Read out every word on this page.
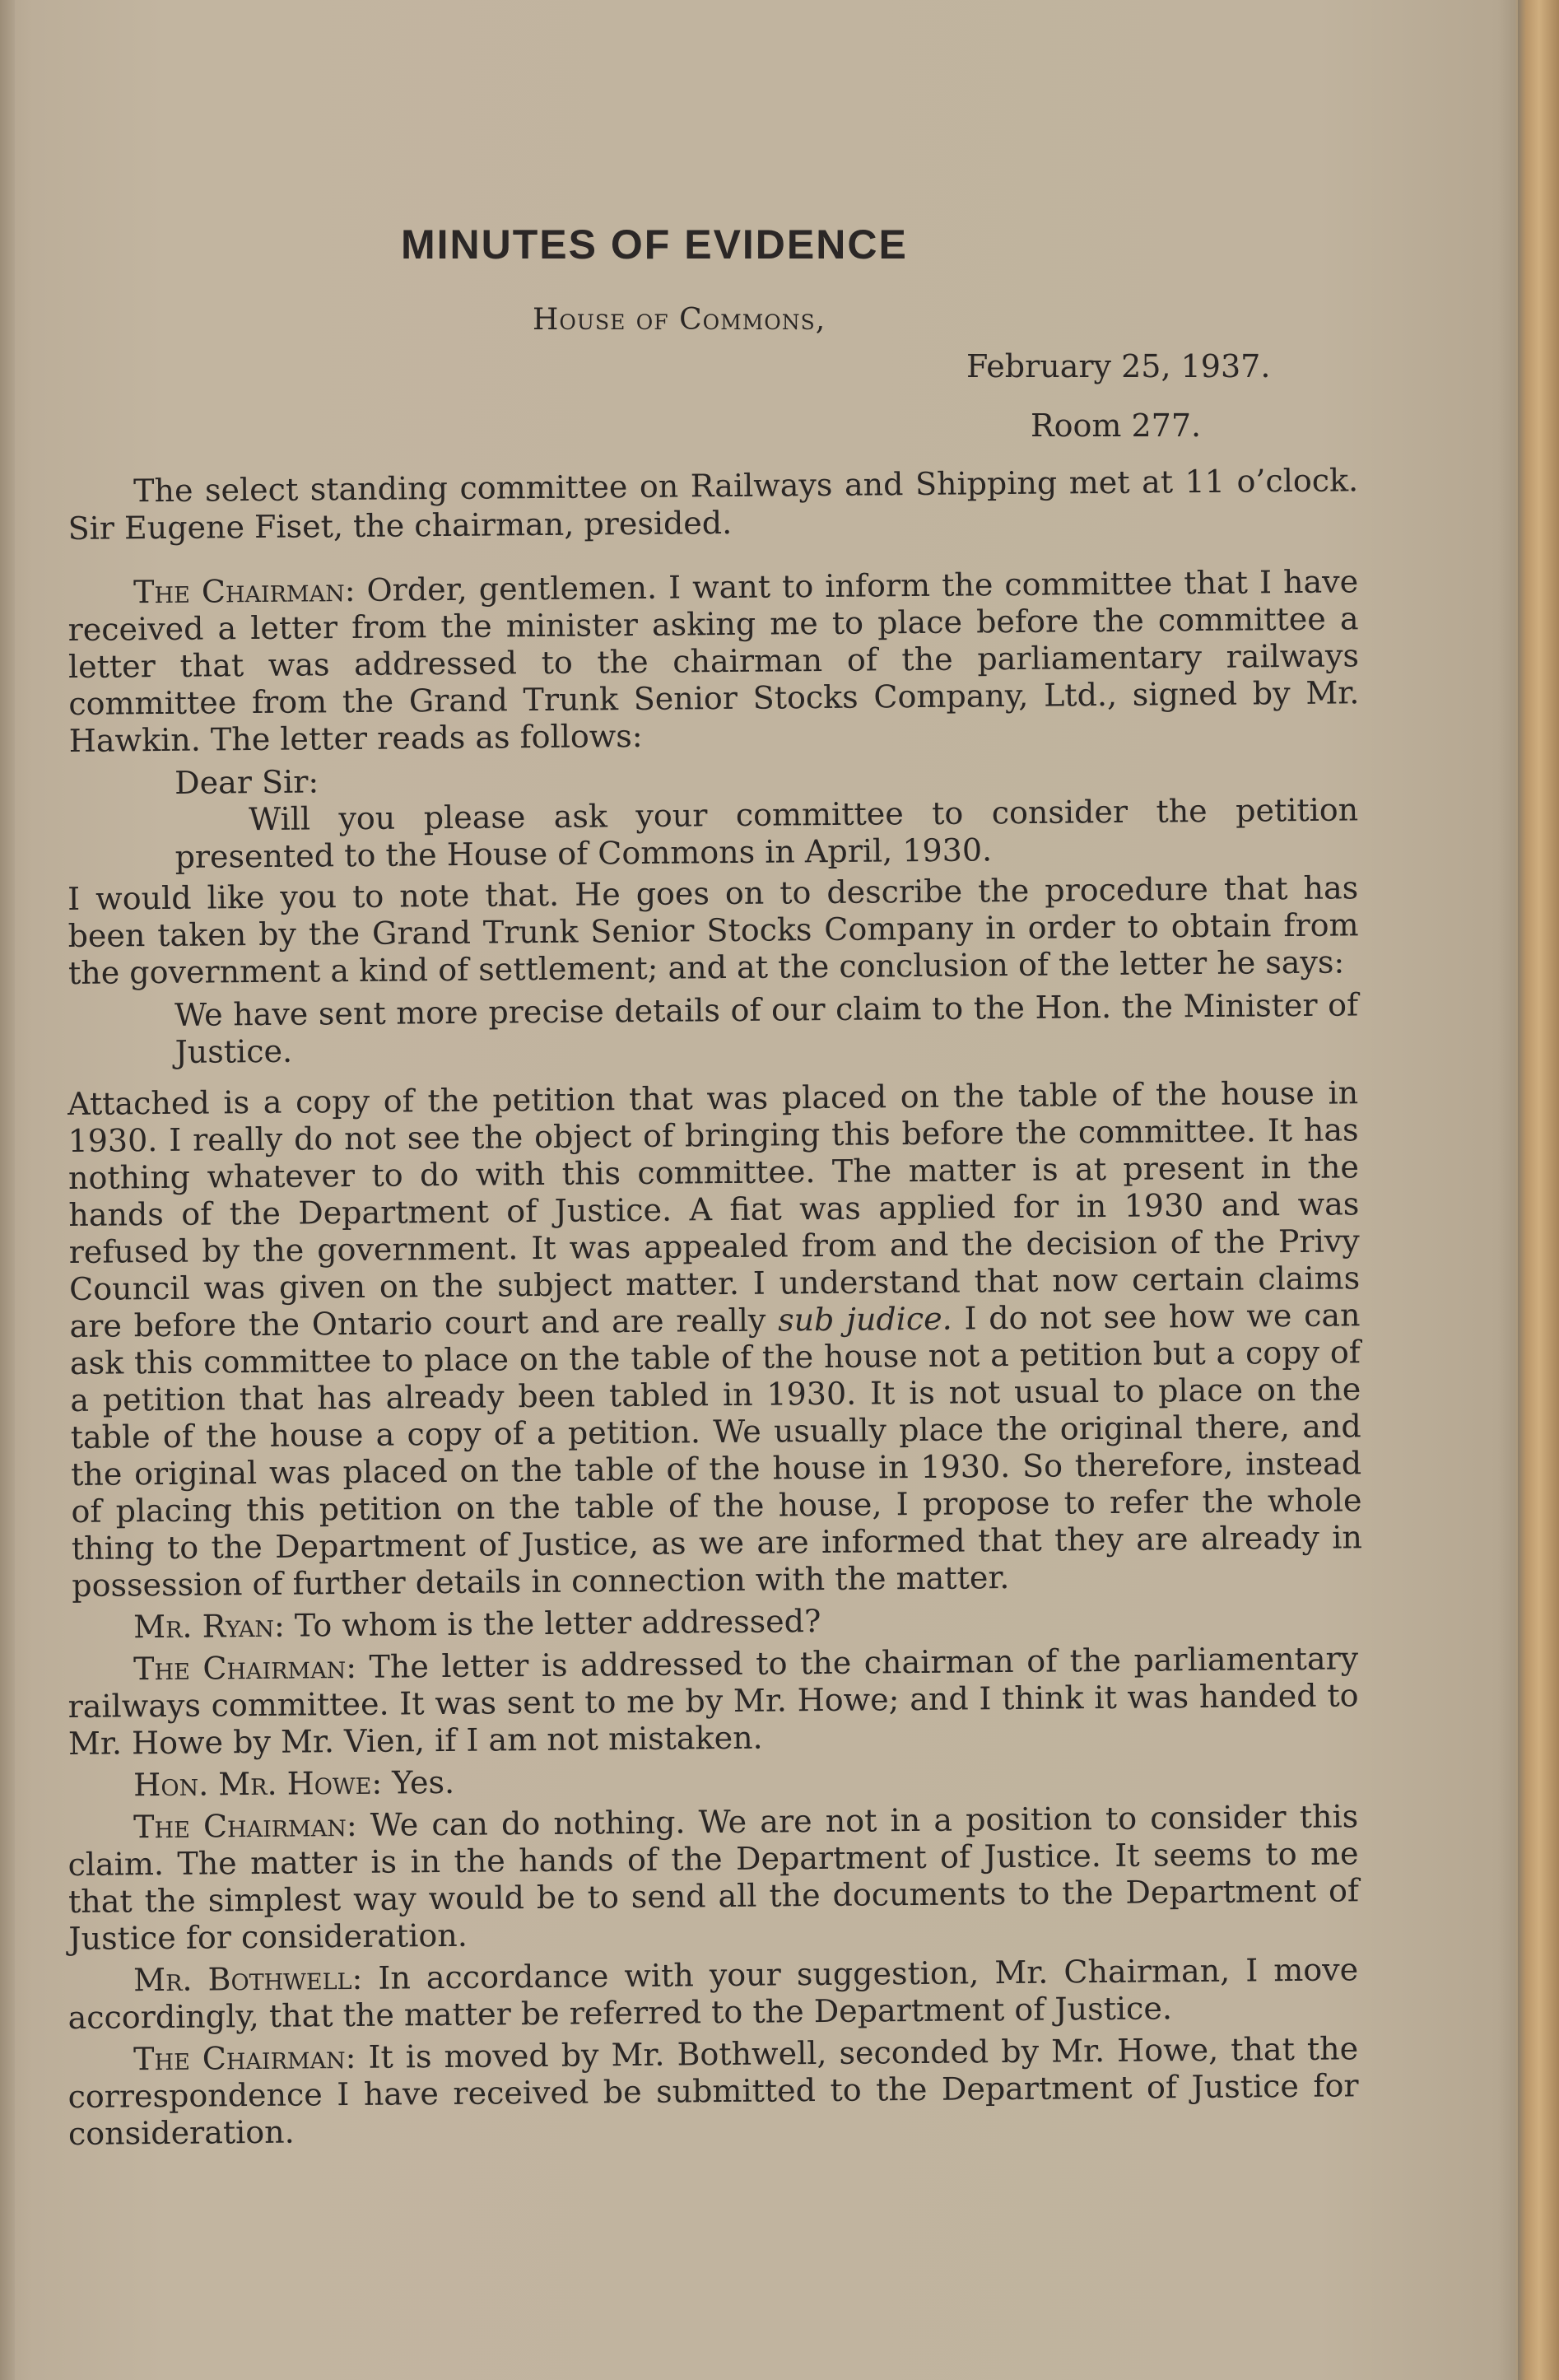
MINUTES OF EVIDENCE
House of Commons,
February 25, 1937.
Room 277.

The select standing committee on Railways and Shipping met at 11 o’clock. Sir Eugene Fiset, the chairman, presided.

The Chairman: Order, gentlemen. I want to inform the committee that I have received a letter from the minister asking me to place before the committee a letter that was addressed to the chairman of the parliamentary railways committee from the Grand Trunk Senior Stocks Company, Ltd., signed by Mr. Hawkin. The letter reads as follows:

Dear Sir:

Will you please ask your committee to consider the petition presented to the House of Commons in April, 1930.

I would like you to note that. He goes on to describe the procedure that has been taken by the Grand Trunk Senior Stocks Company in order to obtain from the government a kind of settlement; and at the conclusion of the letter he says:

We have sent more precise details of our claim to the Hon. the Minister of Justice.

Attached is a copy of the petition that was placed on the table of the house in 1930. I really do not see the object of bringing this before the committee. It has nothing whatever to do with this committee. The matter is at present in the hands of the Department of Justice. A fiat was applied for in 1930 and was refused by the government. It was appealed from and the decision of the Privy Council was given on the subject matter. I understand that now certain claims are before the Ontario court and are really sub judice. I do not see how we can ask this committee to place on the table of the house not a petition but a copy of a petition that has already been tabled in 1930. It is not usual to place on the table of the house a copy of a petition. We usually place the original there, and the original was placed on the table of the house in 1930. So therefore, instead of placing this petition on the table of the house, I propose to refer the whole thing to the Department of Justice, as we are informed that they are already in possession of further details in connection with the matter.

Mr. Ryan: To whom is the letter addressed?

The Chairman: The letter is addressed to the chairman of the parliamentary railways committee. It was sent to me by Mr. Howe; and I think it was handed to Mr. Howe by Mr. Vien, if I am not mistaken.

Hon. Mr. Howe: Yes.

The Chairman: We can do nothing. We are not in a position to consider this claim. The matter is in the hands of the Department of Justice. It seems to me that the simplest way would be to send all the documents to the Department of Justice for consideration.

Mr. Bothwell: In accordance with your suggestion, Mr. Chairman, I move accordingly, that the matter be referred to the Department of Justice.

The Chairman: It is moved by Mr. Bothwell, seconded by Mr. Howe, that the correspondence I have received be submitted to the Department of Justice for consideration.
